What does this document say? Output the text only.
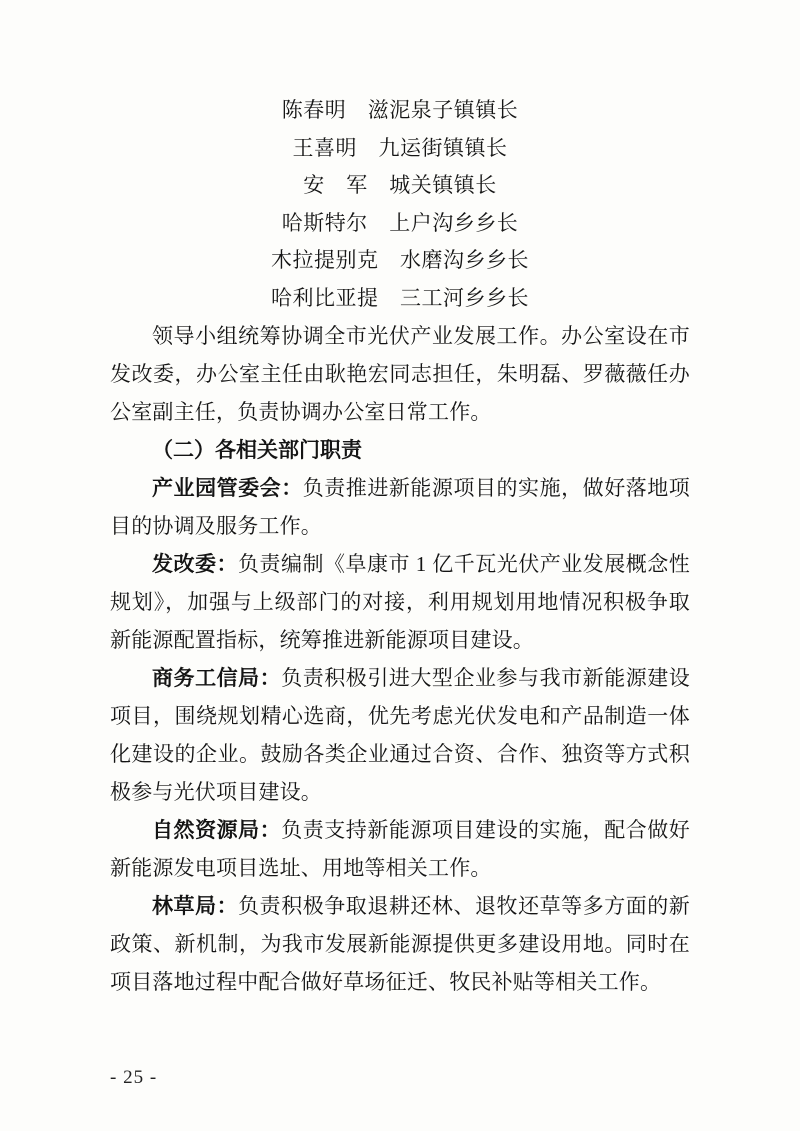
陈春明　滋泥泉子镇镇长
王喜明　九运街镇镇长
安　军　城关镇镇长
哈斯特尔　上户沟乡乡长
木拉提别克　水磨沟乡乡长
哈利比亚提　三工河乡乡长

领导小组统筹协调全市光伏产业发展工作。办公室设在市发改委，办公室主任由耿艳宏同志担任，朱明磊、罗薇薇任办公室副主任，负责协调办公室日常工作。

（二）各相关部门职责

产业园管委会：负责推进新能源项目的实施，做好落地项目的协调及服务工作。

发改委：负责编制《阜康市 1 亿千瓦光伏产业发展概念性规划》，加强与上级部门的对接，利用规划用地情况积极争取新能源配置指标，统筹推进新能源项目建设。

商务工信局：负责积极引进大型企业参与我市新能源建设项目，围绕规划精心选商，优先考虑光伏发电和产品制造一体化建设的企业。鼓励各类企业通过合资、合作、独资等方式积极参与光伏项目建设。

自然资源局：负责支持新能源项目建设的实施，配合做好新能源发电项目选址、用地等相关工作。

林草局：负责积极争取退耕还林、退牧还草等多方面的新政策、新机制，为我市发展新能源提供更多建设用地。同时在项目落地过程中配合做好草场征迁、牧民补贴等相关工作。

- 25 -
